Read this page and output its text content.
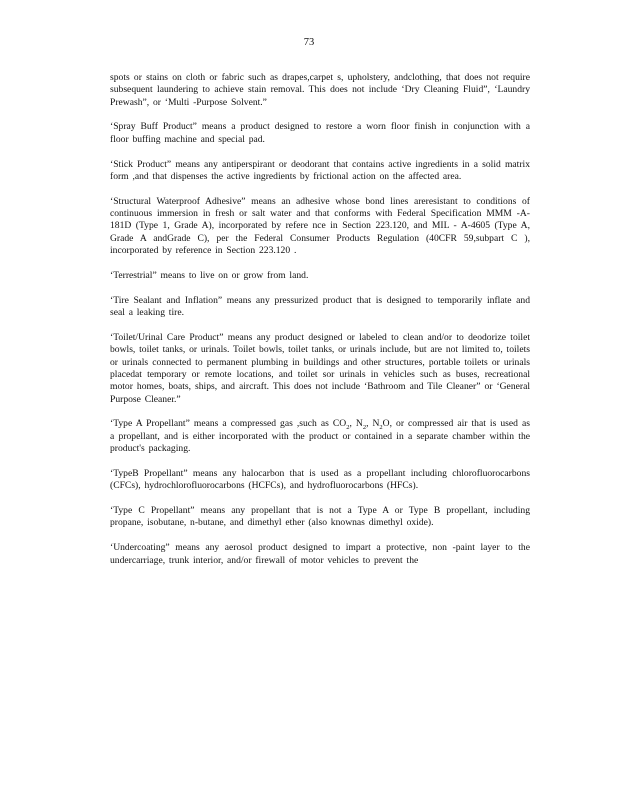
73

spots or stains on cloth or fabric such as drapes,carpet s, upholstery, andclothing, that does not require subsequent laundering to achieve stain removal. This does not include ‘Dry Cleaning Fluid”, ‘Laundry Prewash”, or ‘Multi -Purpose Solvent.”

‘Spray Buff Product” means a product designed to restore a worn floor finish in conjunction with a floor buffing machine and special pad.

‘Stick Product” means any antiperspirant or deodorant that contains active ingredients in a solid matrix form ,and that dispenses the active ingredients by frictional action on the affected area.

‘Structural Waterproof Adhesive” means an adhesive whose bond lines areresistant to conditions of continuous immersion in fresh or salt water and that conforms with Federal Specification MMM -A-181D (Type 1, Grade A), incorporated by refere nce in Section 223.120, and MIL - A-4605 (Type A, Grade A andGrade C), per the Federal Consumer Products Regulation (40CFR 59,subpart C ), incorporated by reference in Section 223.120 .

‘Terrestrial” means to live on or grow from land.

‘Tire Sealant and Inflation” means any pressurized product that is designed to temporarily inflate and seal a leaking tire.

‘Toilet/Urinal Care Product” means any product designed or labeled to clean and/or to deodorize toilet bowls, toilet tanks, or urinals. Toilet bowls, toilet tanks, or urinals include, but are not limited to, toilets or urinals connected to permanent plumbing in buildings and other structures, portable toilets or urinals placedat temporary or remote locations, and toilet sor urinals in vehicles such as buses, recreational motor homes, boats, ships, and aircraft. This does not include ‘Bathroom and Tile Cleaner” or ‘General Purpose Cleaner.”

‘Type A Propellant” means a compressed gas ,such as $CO_2$, $N_2$, $N_2O$, or compressed air that is used as a propellant, and is either incorporated with the product or contained in a separate chamber within the product's packaging.

‘TypeB Propellant” means any halocarbon that is used as a propellant including chlorofluorocarbons (CFCs), hydrochlorofluorocarbons (HCFCs), and hydrofluorocarbons (HFCs).

‘Type C Propellant” means any propellant that is not a Type A or Type B propellant, including propane, isobutane, n-butane, and dimethyl ether (also knownas dimethyl oxide).

‘Undercoating” means any aerosol product designed to impart a protective, non -paint layer to the undercarriage, trunk interior, and/or firewall of motor vehicles to prevent the
